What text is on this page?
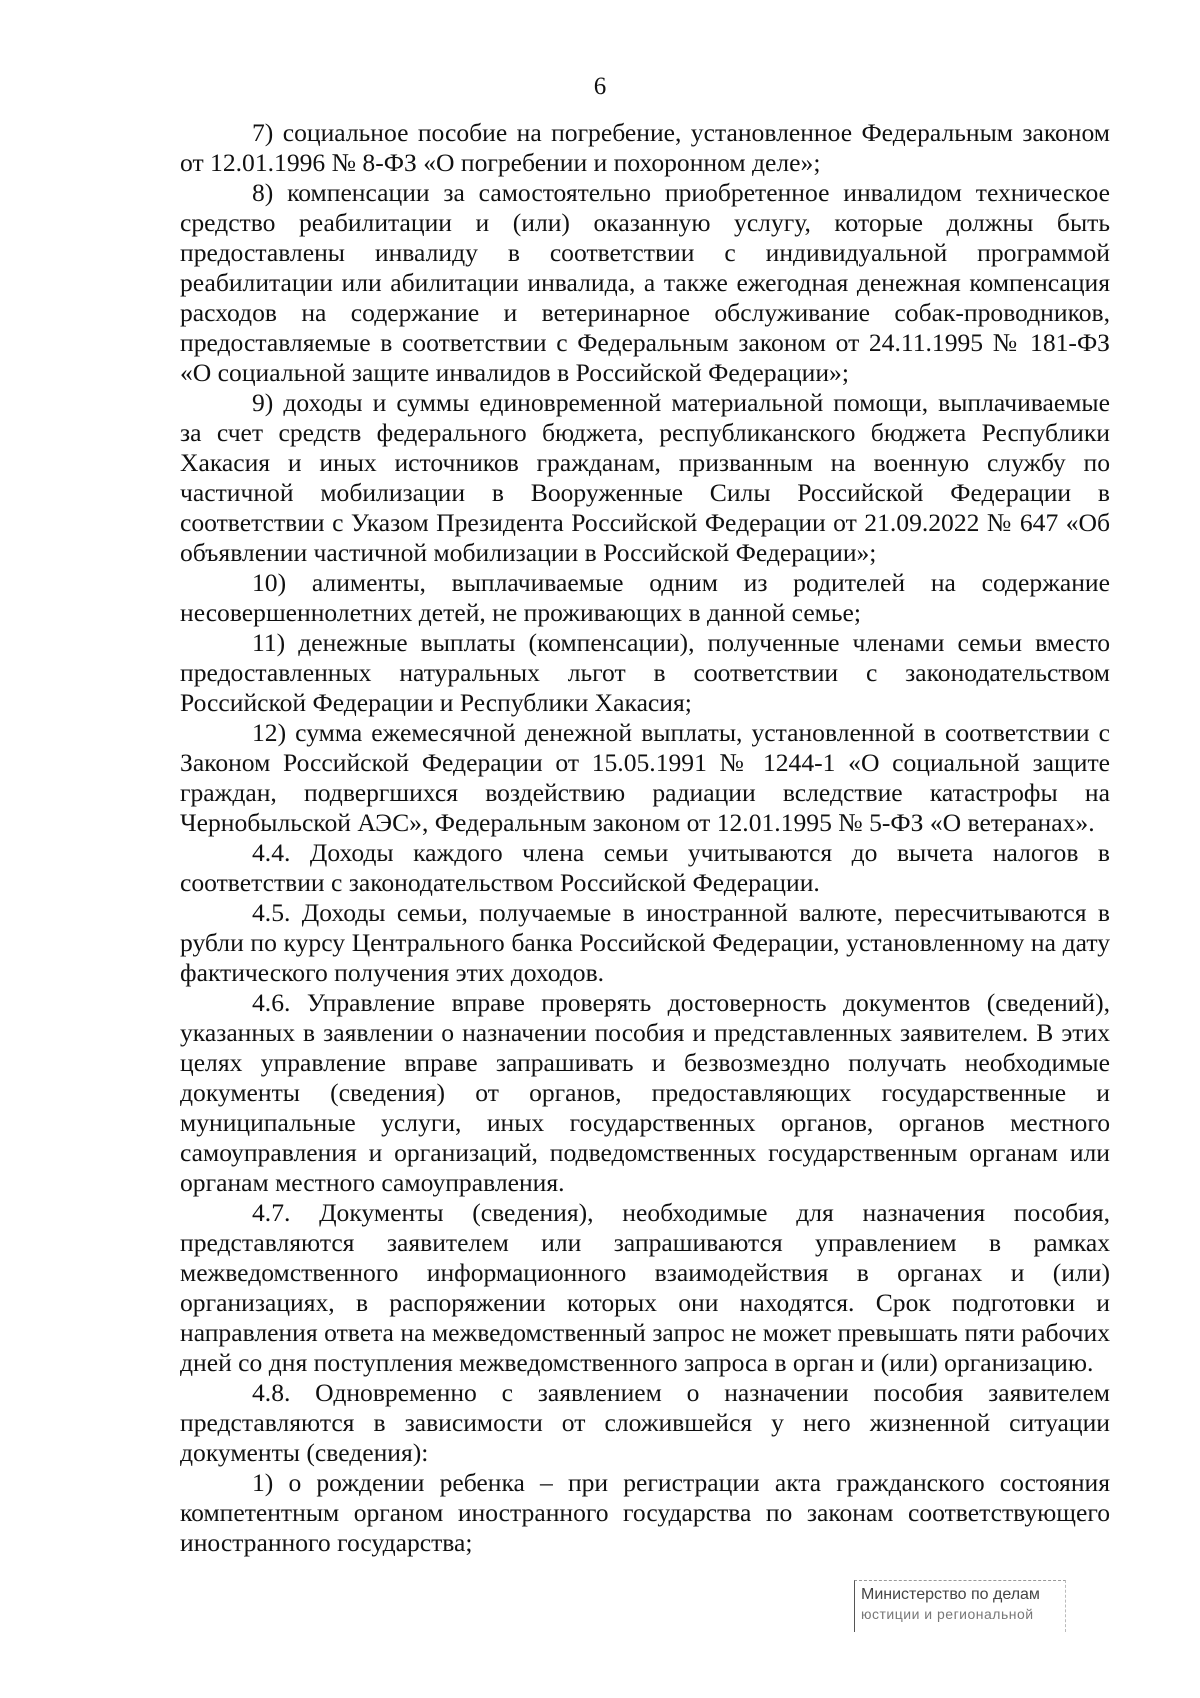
6

7) социальное пособие на погребение, установленное Федеральным законом от 12.01.1996 № 8-ФЗ «О погребении и похоронном деле»;

8) компенсации за самостоятельно приобретенное инвалидом техническое средство реабилитации и (или) оказанную услугу, которые должны быть предоставлены инвалиду в соответствии с индивидуальной программой реабилитации или абилитации инвалида, а также ежегодная денежная компенсация расходов на содержание и ветеринарное обслуживание собак-проводников, предоставляемые в соответствии с Федеральным законом от 24.11.1995 № 181-ФЗ «О социальной защите инвалидов в Российской Федерации»;

9) доходы и суммы единовременной материальной помощи, выплачиваемые за счет средств федерального бюджета, республиканского бюджета Республики Хакасия и иных источников гражданам, призванным на военную службу по частичной мобилизации в Вооруженные Силы Российской Федерации в соответствии с Указом Президента Российской Федерации от 21.09.2022 № 647 «Об объявлении частичной мобилизации в Российской Федерации»;

10) алименты, выплачиваемые одним из родителей на содержание несовершеннолетних детей, не проживающих в данной семье;

11) денежные выплаты (компенсации), полученные членами семьи вместо предоставленных натуральных льгот в соответствии с законодательством Российской Федерации и Республики Хакасия;

12) сумма ежемесячной денежной выплаты, установленной в соответствии с Законом Российской Федерации от 15.05.1991 № 1244-1 «О социальной защите граждан, подвергшихся воздействию радиации вследствие катастрофы на Чернобыльской АЭС», Федеральным законом от 12.01.1995 № 5-ФЗ «О ветеранах».

4.4. Доходы каждого члена семьи учитываются до вычета налогов в соответствии с законодательством Российской Федерации.

4.5. Доходы семьи, получаемые в иностранной валюте, пересчитываются в рубли по курсу Центрального банка Российской Федерации, установленному на дату фактического получения этих доходов.

4.6. Управление вправе проверять достоверность документов (сведений), указанных в заявлении о назначении пособия и представленных заявителем. В этих целях управление вправе запрашивать и безвозмездно получать необходимые документы (сведения) от органов, предоставляющих государственные и муниципальные услуги, иных государственных органов, органов местного самоуправления и организаций, подведомственных государственным органам или органам местного самоуправления.

4.7. Документы (сведения), необходимые для назначения пособия, представляются заявителем или запрашиваются управлением в рамках межведомственного информационного взаимодействия в органах и (или) организациях, в распоряжении которых они находятся. Срок подготовки и направления ответа на межведомственный запрос не может превышать пяти рабочих дней со дня поступления межведомственного запроса в орган и (или) организацию.

4.8. Одновременно с заявлением о назначении пособия заявителем представляются в зависимости от сложившейся у него жизненной ситуации документы (сведения):

1) о рождении ребенка – при регистрации акта гражданского состояния компетентным органом иностранного государства по законам соответствующего иностранного государства;

Министерство по делам
юстиции и региональной
